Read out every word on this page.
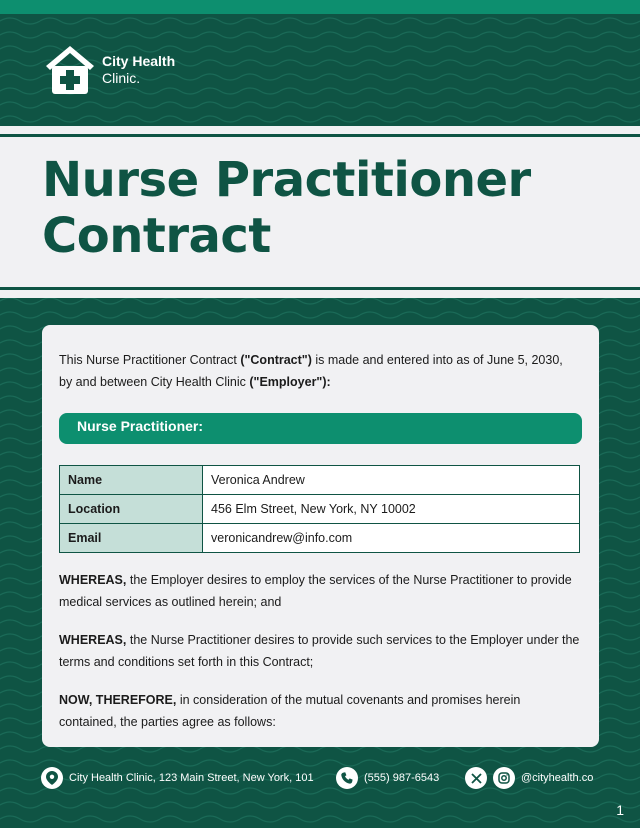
City Health
Clinic.
Nurse Practitioner Contract

This Nurse Practitioner Contract ("Contract") is made and entered into as of June 5, 2030, by and between City Health Clinic ("Employer"):

Nurse Practitioner:
Name	Veronica Andrew
Location	456 Elm Street, New York, NY 10002
Email	veronicandrew@info.com

WHEREAS, the Employer desires to employ the services of the Nurse Practitioner to provide medical services as outlined herein; and

WHEREAS, the Nurse Practitioner desires to provide such services to the Employer under the terms and conditions set forth in this Contract;

NOW, THEREFORE, in consideration of the mutual covenants and promises herein contained, the parties agree as follows:

City Health Clinic, 123 Main Street, New York, 101	(555) 987-6543	@cityhealth.co
1
